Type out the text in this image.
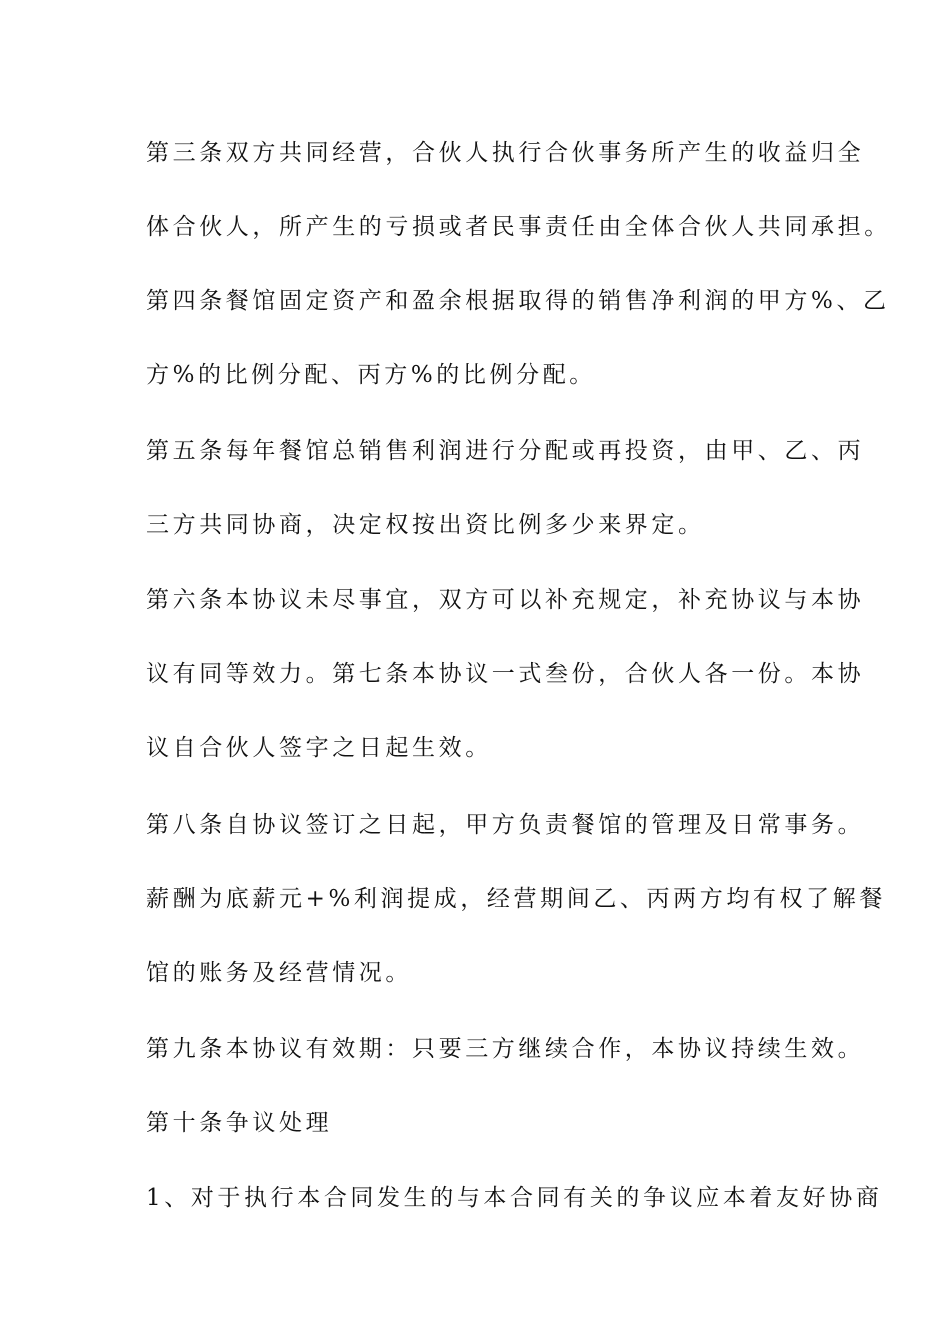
第三条双方共同经营，合伙人执行合伙事务所产生的收益归全
体合伙人，所产生的亏损或者民事责任由全体合伙人共同承担。
第四条餐馆固定资产和盈余根据取得的销售净利润的甲方%、乙
方%的比例分配、丙方%的比例分配。
第五条每年餐馆总销售利润进行分配或再投资，由甲、乙、丙
三方共同协商，决定权按出资比例多少来界定。
第六条本协议未尽事宜，双方可以补充规定，补充协议与本协
议有同等效力。第七条本协议一式叁份，合伙人各一份。本协
议自合伙人签字之日起生效。
第八条自协议签订之日起，甲方负责餐馆的管理及日常事务。
薪酬为底薪元+%利润提成，经营期间乙、丙两方均有权了解餐
馆的账务及经营情况。
第九条本协议有效期：只要三方继续合作，本协议持续生效。
第十条争议处理
1、对于执行本合同发生的与本合同有关的争议应本着友好协商
